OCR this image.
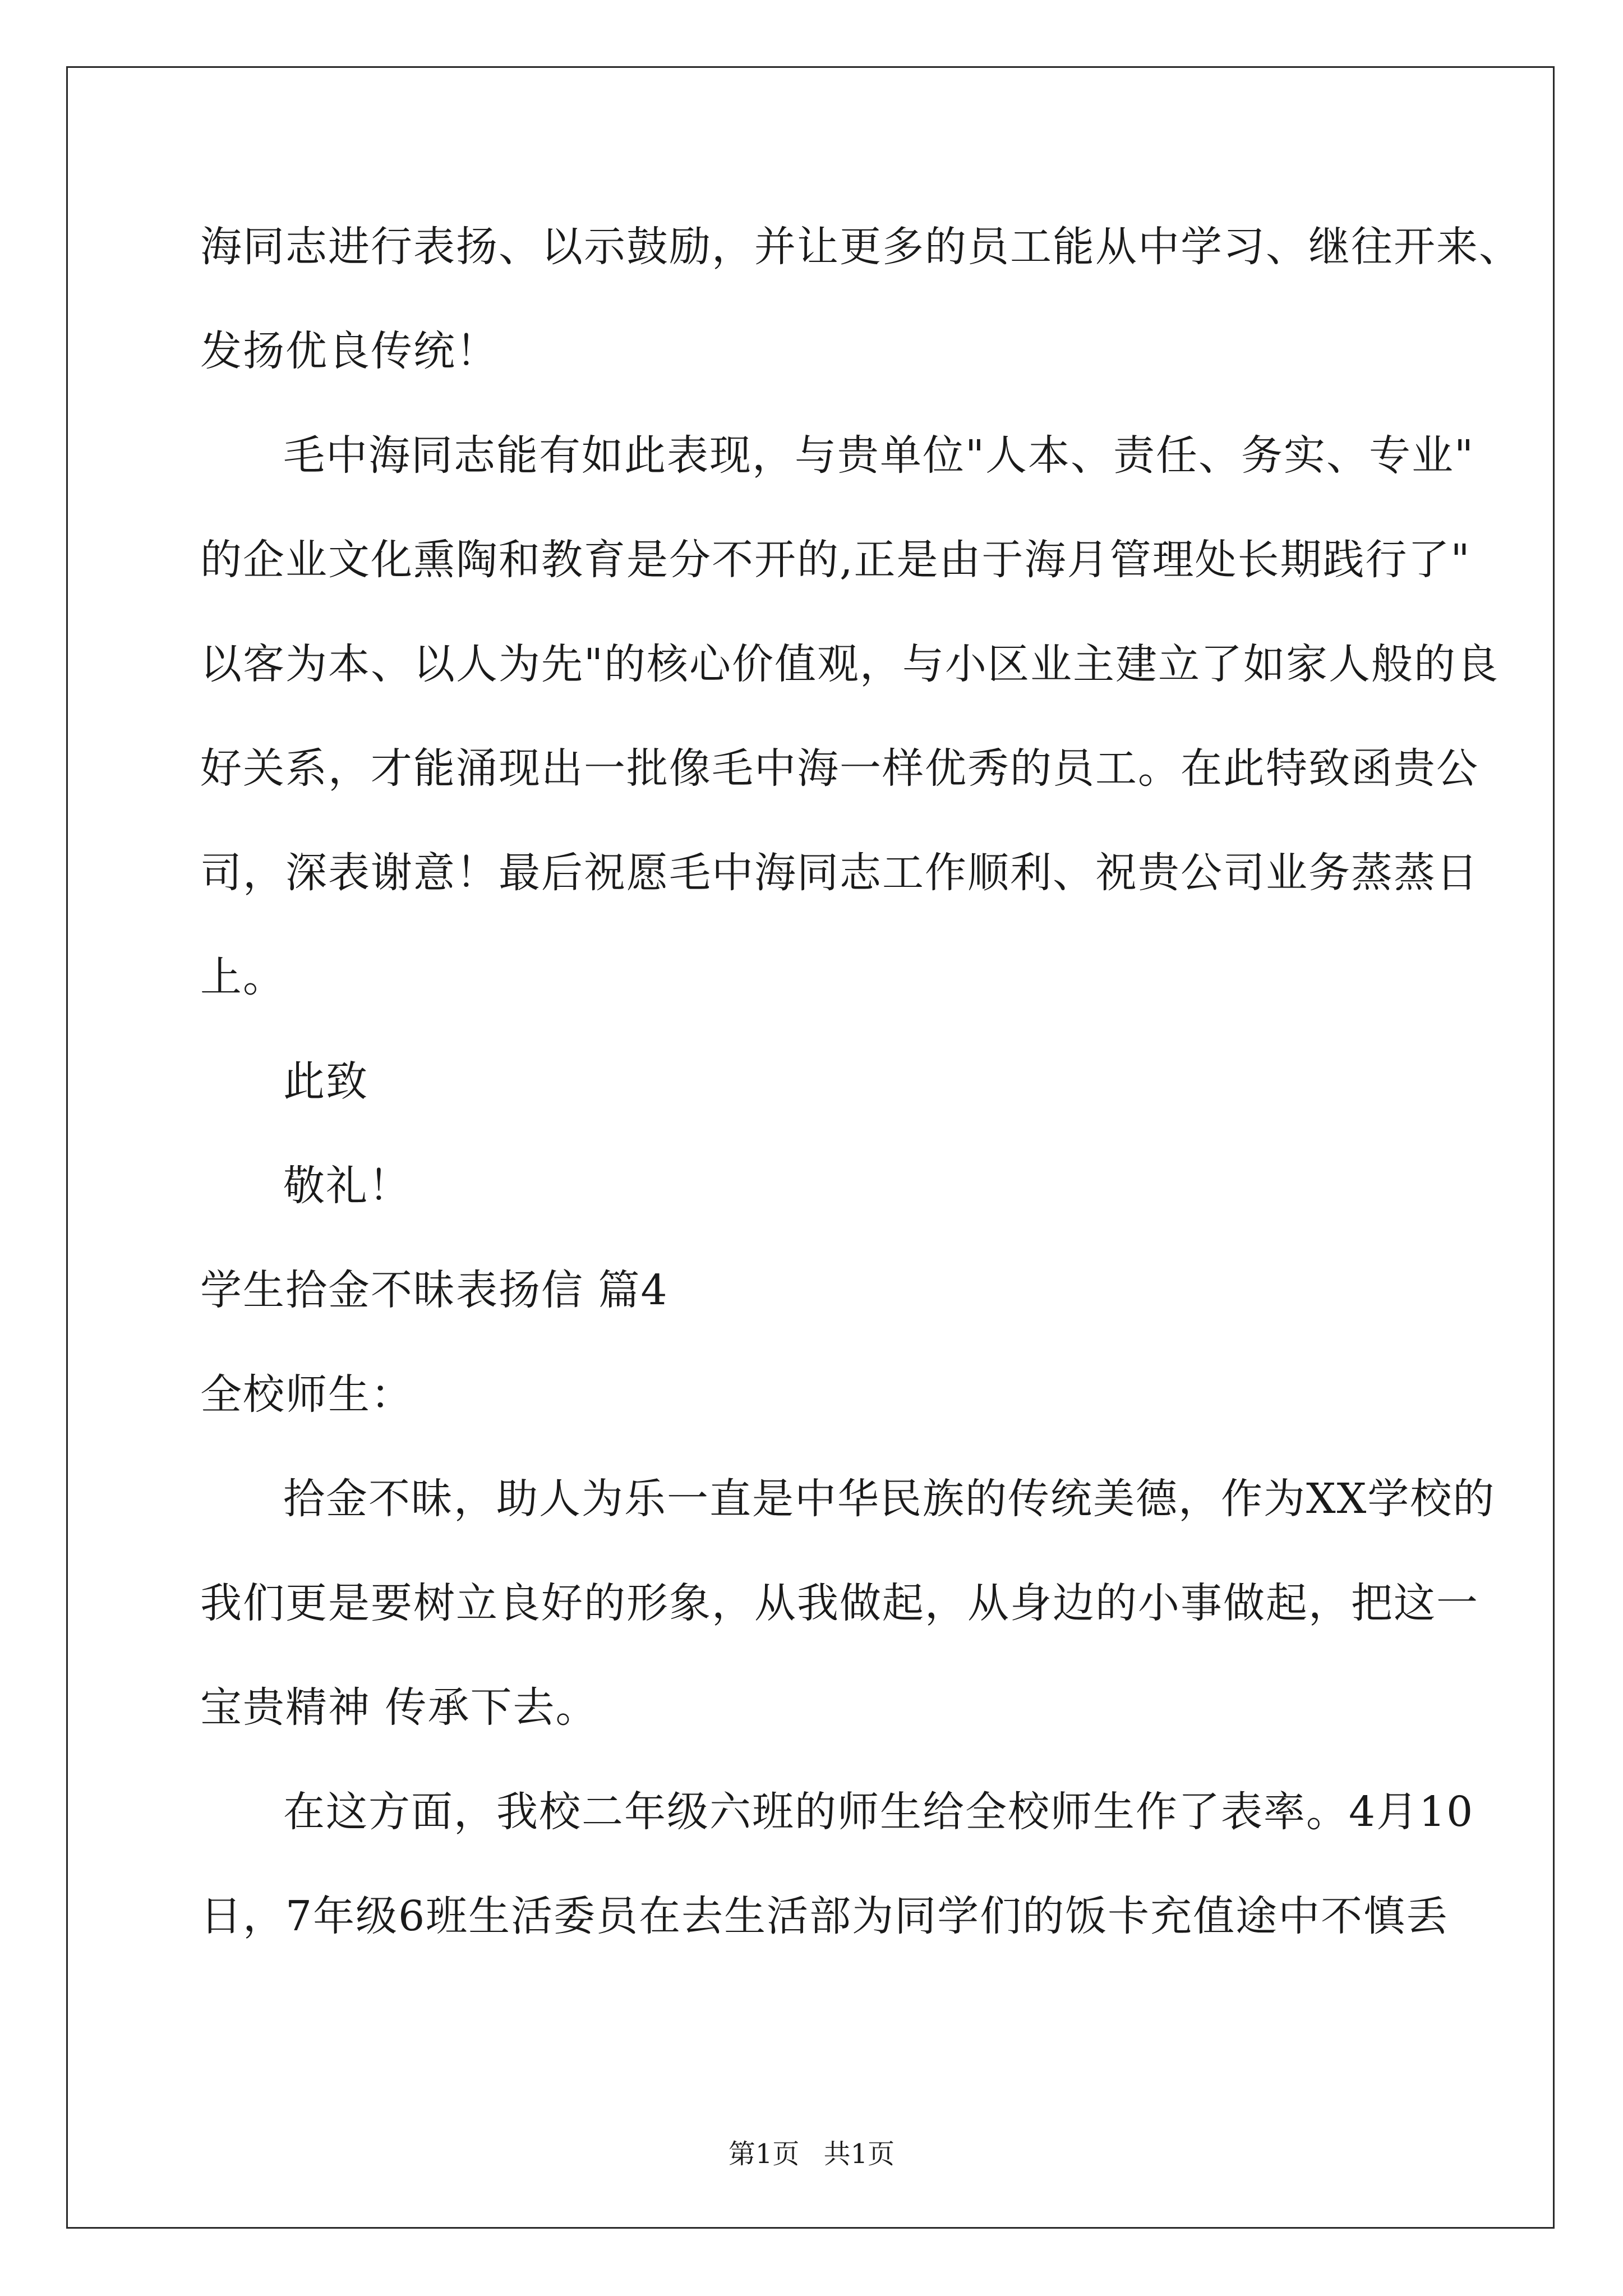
海同志进行表扬、以示鼓励，并让更多的员工能从中学习、继往开来、
发扬优良传统！
毛中海同志能有如此表现，与贵单位"人本、责任、务实、专业"
的企业文化熏陶和教育是分不开的,正是由于海月管理处长期践行了"
以客为本、以人为先"的核心价值观，与小区业主建立了如家人般的良
好关系，才能涌现出一批像毛中海一样优秀的员工。在此特致函贵公
司，深表谢意！最后祝愿毛中海同志工作顺利、祝贵公司业务蒸蒸日
上。
此致
敬礼！
学生拾金不昧表扬信 篇4
全校师生：
拾金不昧，助人为乐一直是中华民族的传统美德，作为XX学校的
我们更是要树立良好的形象，从我做起，从身边的小事做起，把这一
宝贵精神 传承下去。
在这方面，我校二年级六班的师生给全校师生作了表率。4月10
日，7年级6班生活委员在去生活部为同学们的饭卡充值途中不慎丢
第1页 共1页
